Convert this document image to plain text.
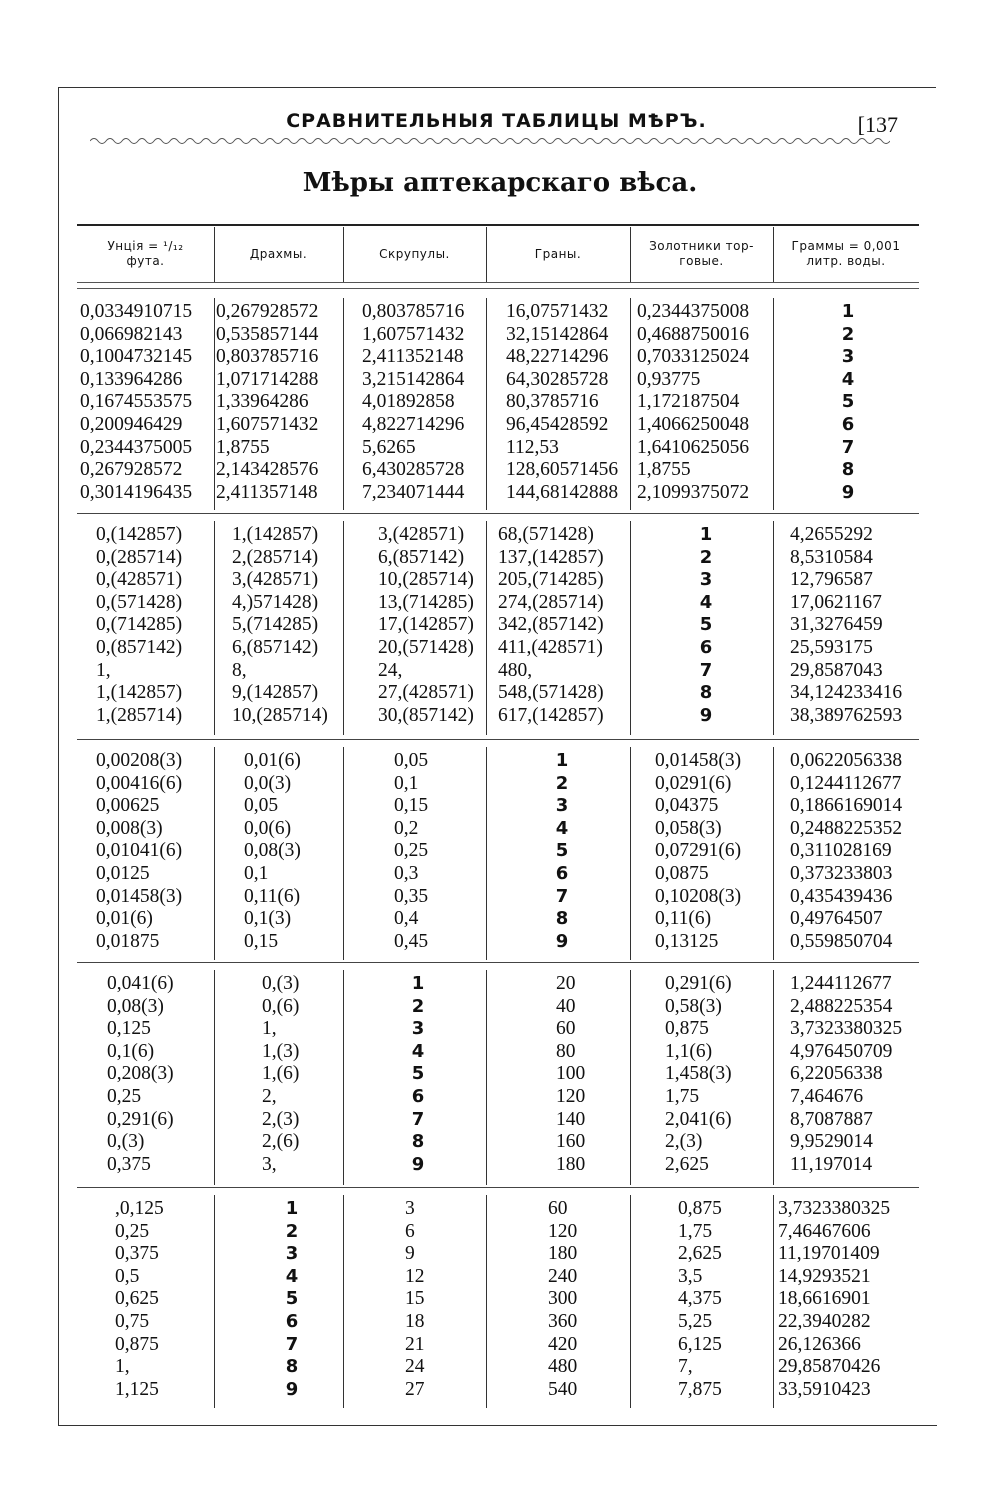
СРАВНИТЕЛЬНЫЯ ТАБЛИЦЫ МѢРЪ.	[137
Мѣры аптекарскаго вѣса.
Унція = ¹/₁₂
фута.
Драхмы.	Скрупулы.	Граны.
Золотники тор-
говые.
Граммы = 0,001
литр. воды.
0,0334910715 0,267928572 0,803785716 16,07571432 0,2344375008	1
0,066982143 0,535857144 1,607571432 32,15142864 0,4688750016	2
0,1004732145 0,803785716 2,411352148 48,22714296 0,7033125024	3
0,133964286 1,071714288 3,215142864 64,30285728 0,93775	4
0,1674553575 1,33964286	4,01892858	80,3785716 1,172187504	5
0,200946429 1,607571432 4,822714296 96,45428592 1,4066250048	6
0,2344375005 1,8755	5,6265	112,53	1,6410625056	7
0,267928572 2,143428576 6,430285728 128,60571456 1,8755	8
0,3014196435 2,411357148 7,234071444 144,68142888 2,1099375072	9
0,(142857)	1,(142857)	3,(428571) 68,(571428)	1	4,2655292
0,(285714)	2,(285714)	6,(857142) 137,(142857)	2	8,5310584
0,(428571)	3,(428571)	10,(285714) 205,(714285)	3	12,796587
0,(571428)	4,)571428)	13,(714285) 274,(285714)	4	17,0621167
0,(714285)	5,(714285)	17,(142857) 342,(857142)	5	31,3276459
0,(857142)	6,(857142)	20,(571428) 411,(428571)	6	25,593175
1,	8,	24,	480,	7	29,8587043
1,(142857)	9,(142857)	27,(428571) 548,(571428)	8	34,124233416
1,(285714)	10,(285714)	30,(857142) 617,(142857)	9	38,389762593
0,00208(3)	0,01(6)	0,05	1	0,01458(3)	0,0622056338
0,00416(6)	0,0(3)	0,1	2	0,0291(6)	0,1244112677
0,00625	0,05	0,15	3	0,04375	0,1866169014
0,008(3)	0,0(6)	0,2	4	0,058(3)	0,2488225352
0,01041(6)	0,08(3)	0,25	5	0,07291(6)	0,311028169
0,0125	0,1	0,3	6	0,0875	0,373233803
0,01458(3)	0,11(6)	0,35	7	0,10208(3)	0,435439436
0,01(6)	0,1(3)	0,4	8	0,11(6)	0,49764507
0,01875	0,15	0,45	9	0,13125	0,559850704
0,041(6)	0,(3)	1	20	0,291(6)	1,244112677
0,08(3)	0,(6)	2	40	0,58(3)	2,488225354
0,125	1,	3	60	0,875	3,7323380325
0,1(6)	1,(3)	4	80	1,1(6)	4,976450709
0,208(3)	1,(6)	5	100	1,458(3)	6,22056338
0,25	2,	6	120	1,75	7,464676
0,291(6)	2,(3)	7	140	2,041(6)	8,7087887
0,(3)	2,(6)	8	160	2,(3)	9,9529014
0,375	3,	9	180	2,625	11,197014
,0,125	1	3	60	0,875	3,7323380325
0,25	2	6	120	1,75	7,46467606
0,375	3	9	180	2,625	11,19701409
0,5	4	12	240	3,5	14,9293521
0,625	5	15	300	4,375	18,6616901
0,75	6	18	360	5,25	22,3940282
0,875	7	21	420	6,125	26,126366
1,	8	24	480	7,	29,85870426
1,125	9	27	540	7,875	33,5910423
